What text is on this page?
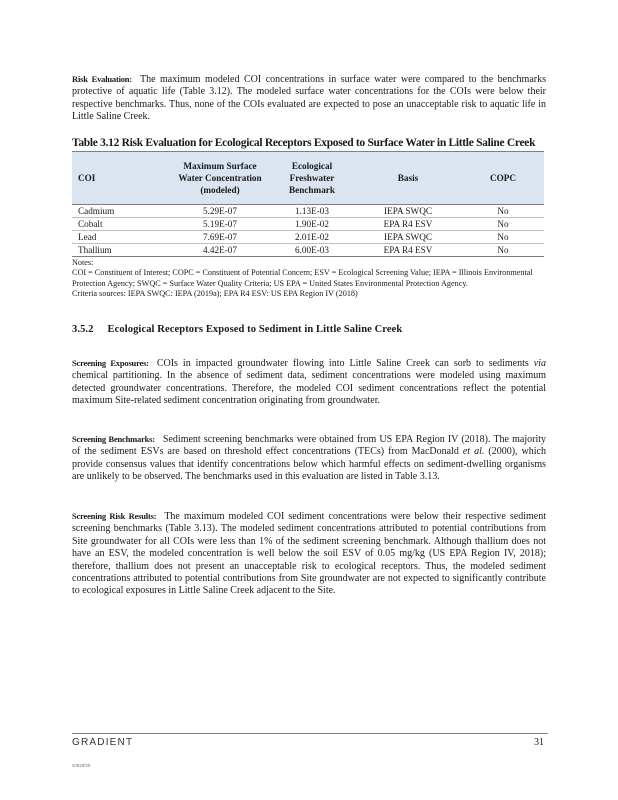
Risk Evaluation: The maximum modeled COI concentrations in surface water were compared to the benchmarks protective of aquatic life (Table 3.12). The modeled surface water concentrations for the COIs were below their respective benchmarks. Thus, none of the COIs evaluated are expected to pose an unacceptable risk to aquatic life in Little Saline Creek.

Table 3.12 Risk Evaluation for Ecological Receptors Exposed to Surface Water in Little Saline Creek
COI	Maximum Surface Water Concentration (modeled)	Ecological Freshwater Benchmark	Basis	COPC
Cadmium	5.29E-07	1.13E-03	IEPA SWQC	No
Cobalt	5.19E-07	1.90E-02	EPA R4 ESV	No
Lead	7.69E-07	2.01E-02	IEPA SWQC	No
Thallium	4.42E-07	6.00E-03	EPA R4 ESV	No
Notes:
COI = Constituent of Interest; COPC = Constituent of Potential Concern; ESV = Ecological Screening Value; IEPA = Illinois Environmental Protection Agency; SWQC = Surface Water Quality Criteria; US EPA = United States Environmental Protection Agency.
Criteria sources: IEPA SWQC: IEPA (2019a); EPA R4 ESV: US EPA Region IV (2018)
3.5.2 Ecological Receptors Exposed to Sediment in Little Saline Creek

Screening Exposures: COIs in impacted groundwater flowing into Little Saline Creek can sorb to sediments via chemical partitioning. In the absence of sediment data, sediment concentrations were modeled using maximum detected groundwater concentrations. Therefore, the modeled COI sediment concentrations reflect the potential maximum Site-related sediment concentration originating from groundwater.

Screening Benchmarks: Sediment screening benchmarks were obtained from US EPA Region IV (2018). The majority of the sediment ESVs are based on threshold effect concentrations (TECs) from MacDonald et al. (2000), which provide consensus values that identify concentrations below which harmful effects on sediment-dwelling organisms are unlikely to be observed. The benchmarks used in this evaluation are listed in Table 3.13.

Screening Risk Results: The maximum modeled COI sediment concentrations were below their respective sediment screening benchmarks (Table 3.13). The modeled sediment concentrations attributed to potential contributions from Site groundwater for all COIs were less than 1% of the sediment screening benchmark. Although thallium does not have an ESV, the modeled concentration is well below the soil ESV of 0.05 mg/kg (US EPA Region IV, 2018); therefore, thallium does not present an unacceptable risk to ecological receptors. Thus, the modeled sediment concentrations attributed to potential contributions from Site groundwater are not expected to significantly contribute to ecological exposures in Little Saline Creek adjacent to the Site.

GRADIENT	31
s0829f2b
